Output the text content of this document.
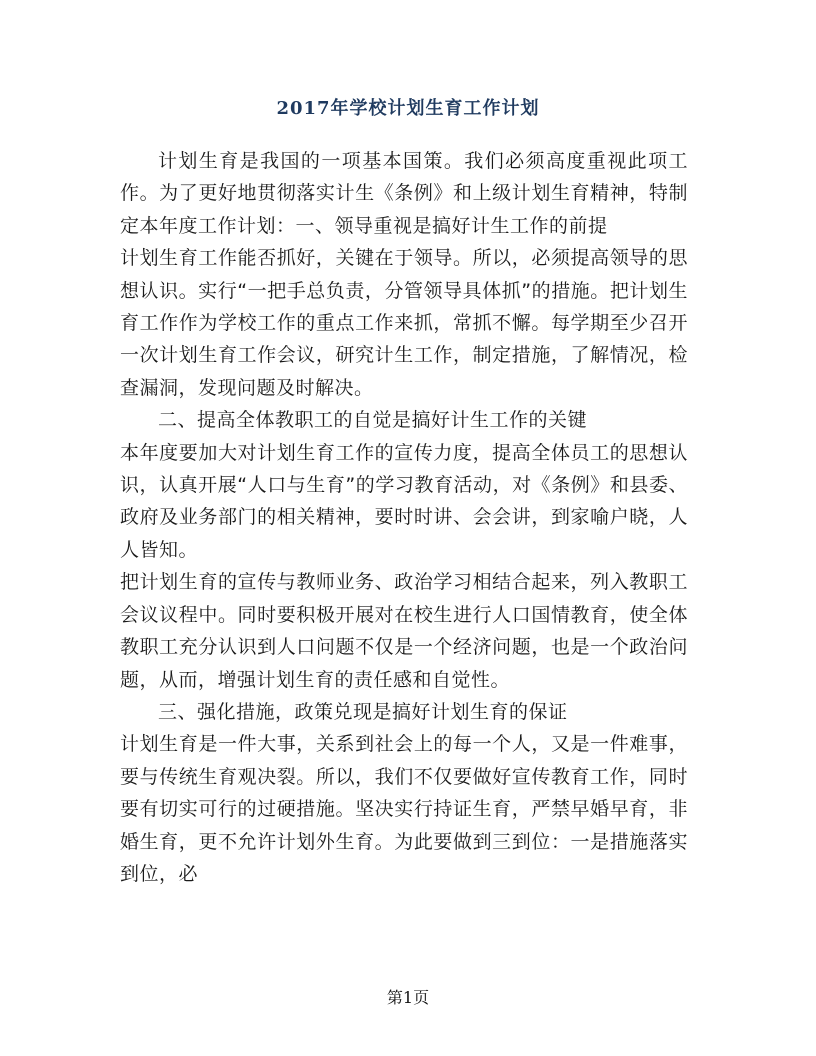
2017年学校计划生育工作计划

计划生育是我国的一项基本国策。我们必须高度重视此项工作。为了更好地贯彻落实计生《条例》和上级计划生育精神，特制定本年度工作计划：一、领导重视是搞好计生工作的前提

计划生育工作能否抓好，关键在于领导。所以，必须提高领导的思想认识。实行“一把手总负责，分管领导具体抓”的措施。把计划生育工作作为学校工作的重点工作来抓，常抓不懈。每学期至少召开一次计划生育工作会议，研究计生工作，制定措施，了解情况，检查漏洞，发现问题及时解决。

二、提高全体教职工的自觉是搞好计生工作的关键

本年度要加大对计划生育工作的宣传力度，提高全体员工的思想认识，认真开展“人口与生育”的学习教育活动，对《条例》和县委、政府及业务部门的相关精神，要时时讲、会会讲，到家喻户晓，人人皆知。

把计划生育的宣传与教师业务、政治学习相结合起来，列入教职工会议议程中。同时要积极开展对在校生进行人口国情教育，使全体教职工充分认识到人口问题不仅是一个经济问题，也是一个政治问题，从而，增强计划生育的责任感和自觉性。

三、强化措施，政策兑现是搞好计划生育的保证

计划生育是一件大事，关系到社会上的每一个人，又是一件难事，要与传统生育观决裂。所以，我们不仅要做好宣传教育工作，同时要有切实可行的过硬措施。坚决实行持证生育，严禁早婚早育，非婚生育，更不允许计划外生育。为此要做到三到位：一是措施落实到位，必

第1页
